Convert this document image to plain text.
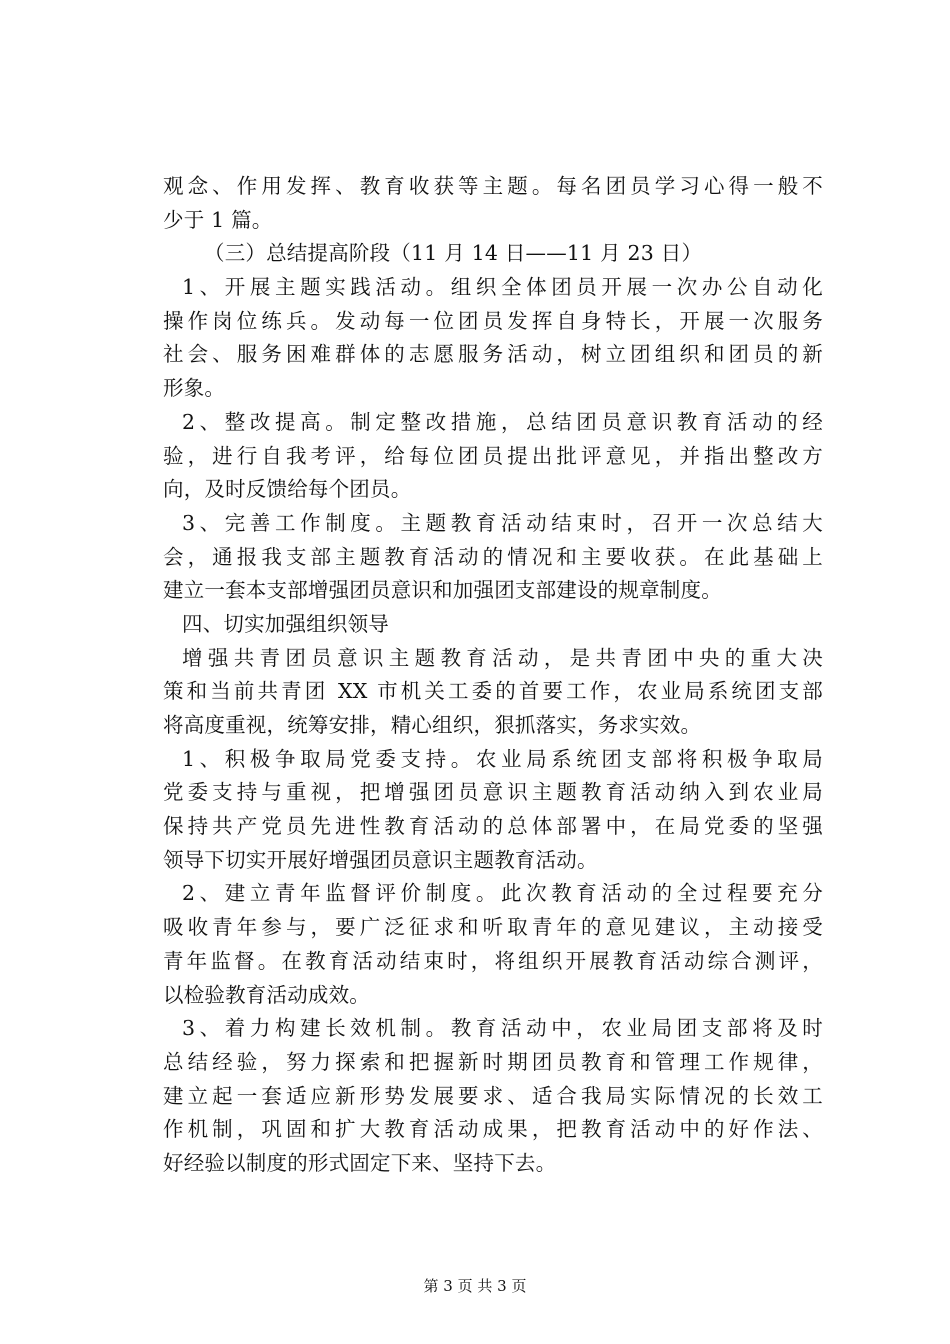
观念、作用发挥、教育收获等主题。每名团员学习心得一般不
少于 1 篇。
（三）总结提高阶段（11 月 14 日——11 月 23 日）
1、开展主题实践活动。组织全体团员开展一次办公自动化
操作岗位练兵。发动每一位团员发挥自身特长，开展一次服务
社会、服务困难群体的志愿服务活动，树立团组织和团员的新
形象。
2、整改提高。制定整改措施，总结团员意识教育活动的经
验，进行自我考评，给每位团员提出批评意见，并指出整改方
向，及时反馈给每个团员。
3、完善工作制度。主题教育活动结束时，召开一次总结大
会，通报我支部主题教育活动的情况和主要收获。在此基础上
建立一套本支部增强团员意识和加强团支部建设的规章制度。
四、切实加强组织领导
增强共青团员意识主题教育活动，是共青团中央的重大决
策和当前共青团 XX 市机关工委的首要工作，农业局系统团支部
将高度重视，统筹安排，精心组织，狠抓落实，务求实效。
1、积极争取局党委支持。农业局系统团支部将积极争取局
党委支持与重视，把增强团员意识主题教育活动纳入到农业局
保持共产党员先进性教育活动的总体部署中，在局党委的坚强
领导下切实开展好增强团员意识主题教育活动。
2、建立青年监督评价制度。此次教育活动的全过程要充分
吸收青年参与，要广泛征求和听取青年的意见建议，主动接受
青年监督。在教育活动结束时，将组织开展教育活动综合测评，
以检验教育活动成效。
3、着力构建长效机制。教育活动中，农业局团支部将及时
总结经验，努力探索和把握新时期团员教育和管理工作规律，
建立起一套适应新形势发展要求、适合我局实际情况的长效工
作机制，巩固和扩大教育活动成果，把教育活动中的好作法、
好经验以制度的形式固定下来、坚持下去。
第 3 页 共 3 页
